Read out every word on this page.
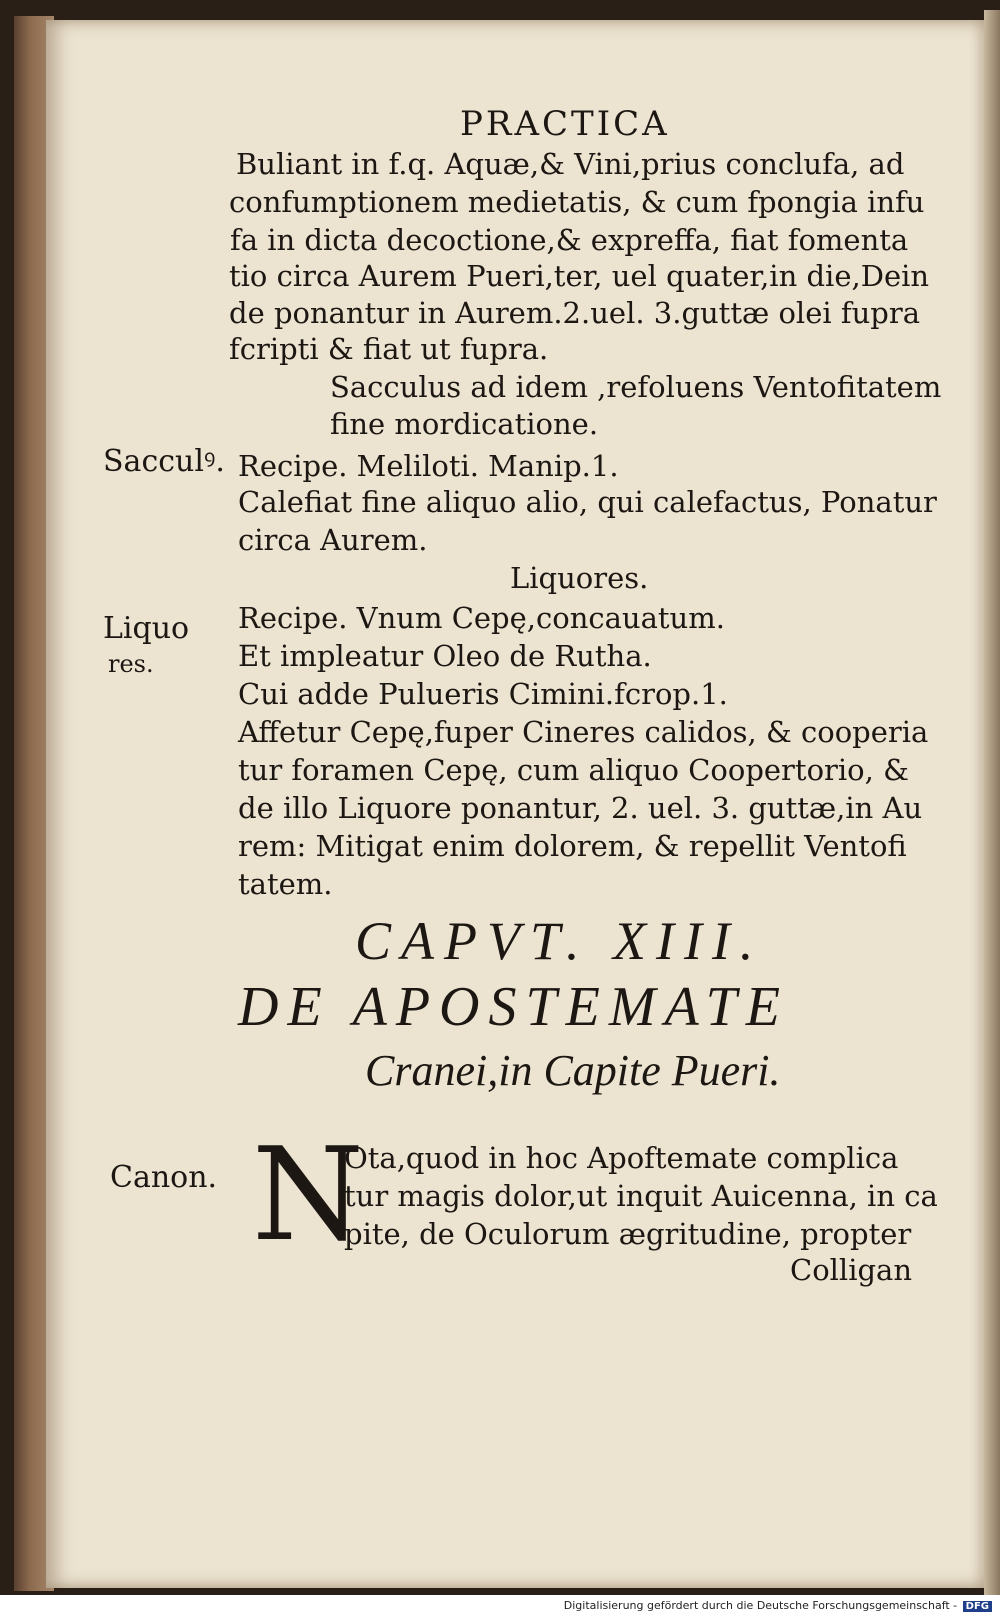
PRACTICA
Buliant in f.q. Aquæ,& Vini,prius conclufa, ad
confumptionem medietatis, & cum fpongia infu
fa in dicta decoctione,& expreffa, fiat fomenta
tio circa Aurem Pueri,ter, uel quater,in die,Dein
de ponantur in Aurem.2.uel. 3.guttæ olei fupra
fcripti & fiat ut fupra.
Sacculus ad idem ,refoluens Ventofitatem
fine mordicatione.
Recipe. Meliloti. Manip.1.
Calefiat fine aliquo alio, qui calefactus, Ponatur
circa Aurem.
Liquores.
Recipe. Vnum Cepę,concauatum.
Et impleatur Oleo de Rutha.
Cui adde Pulueris Cimini.fcrop.1.
Affetur Cepę,fuper Cineres calidos, & cooperia
tur foramen Cepę, cum aliquo Coopertorio, &
de illo Liquore ponantur, 2. uel. 3. guttæ,in Au
rem: Mitigat enim dolorem, & repellit Ventofi
tatem.
Sacculꝰ.
Liquo
res.
Canon.
CAPVT. XIII.
DE APOSTEMATE
Cranei,in Capite Pueri.
N
Ota,quod in hoc Apoftemate complica
tur magis dolor,ut inquit Auicenna, in ca
pite, de Oculorum ægritudine, propter
Colligan
Digitalisierung gefördert durch die Deutsche Forschungsgemeinschaft - DFG
